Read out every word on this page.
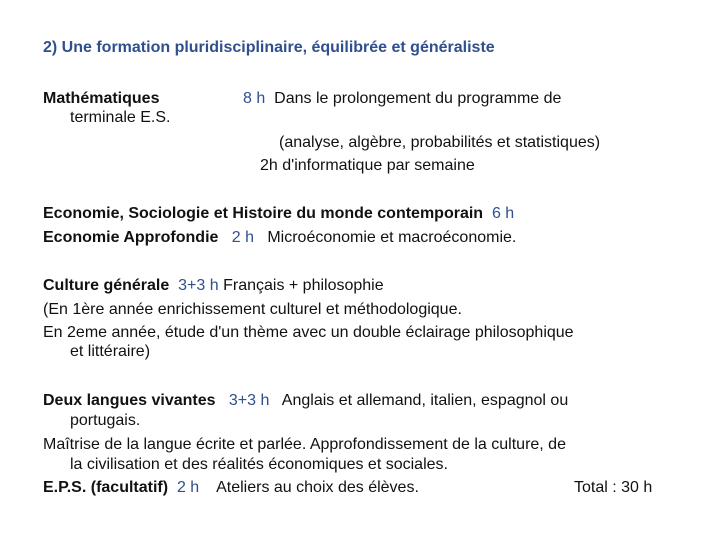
2) Une formation pluridisciplinaire, équilibrée et généraliste
Mathématiques
terminale E.S.
8 h Dans le prolongement du programme de
(analyse, algèbre, probabilités et statistiques)
2h d'informatique par semaine
Economie, Sociologie et Histoire du monde contemporain 6 h
Economie Approfondie 2 h Microéconomie et macroéconomie.
Culture générale 3+3 h Français + philosophie
(En 1ère année enrichissement culturel et méthodologique.
En 2eme année, étude d'un thème avec un double éclairage philosophique
et littéraire)
Deux langues vivantes 3+3 h Anglais et allemand, italien, espagnol ou
portugais.
Maîtrise de la langue écrite et parlée. Approfondissement de la culture, de
la civilisation et des réalités économiques et sociales.
E.P.S. (facultatif) 2 h Ateliers au choix des élèves.	Total : 30 h
